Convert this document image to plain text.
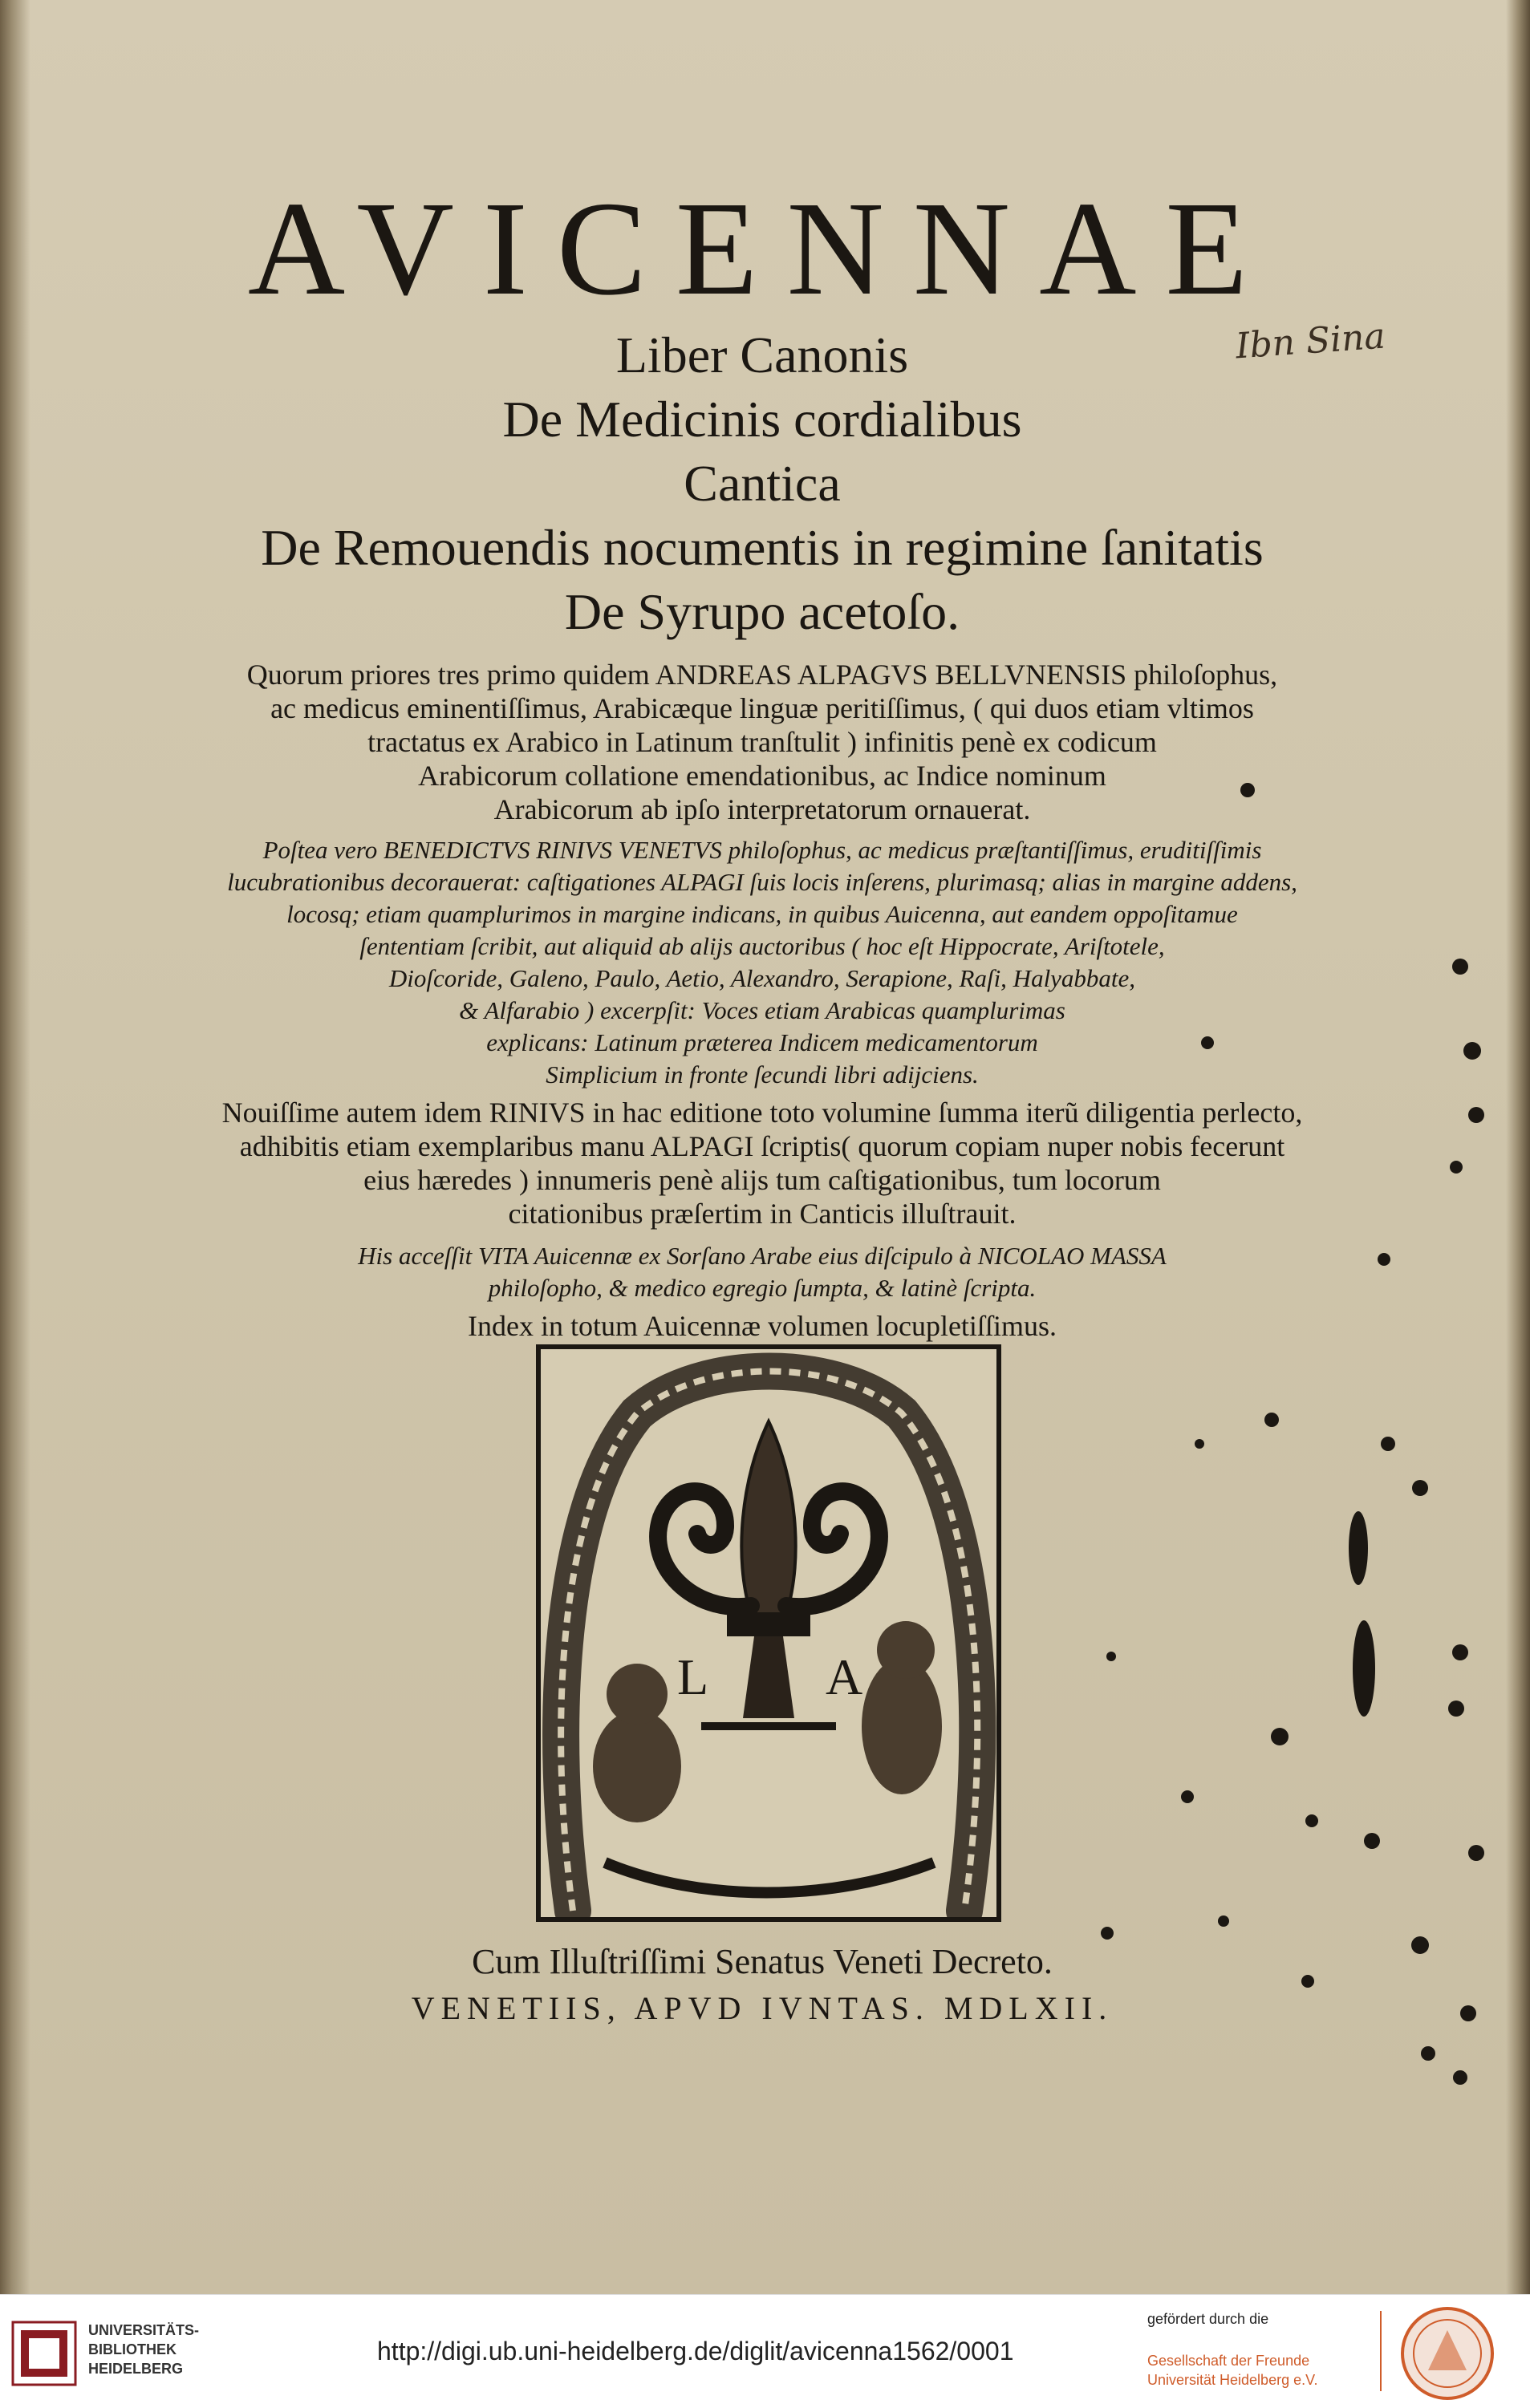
AVICENNAE
Liber Canonis
De Medicinis cordialibus
Cantica
De Remouendis nocumentis in regimine ſanitatis
De Syrupo acetoſo.
Quorum priores tres primo quidem ANDREAS ALPAGVS BELLVNENSIS philoſophus,
ac medicus eminentiſſimus, Arabicæque linguæ peritiſſimus, ( qui duos etiam vltimos
tractatus ex Arabico in Latinum tranſtulit ) infinitis penè ex codicum
Arabicorum collatione emendationibus, ac Indice nominum
Arabicorum ab ipſo interpretatorum ornauerat.
Poſtea vero BENEDICTVS RINIVS VENETVS philoſophus, ac medicus præſtantiſſimus, eruditiſſimis
lucubrationibus decorauerat: caſtigationes ALPAGI ſuis locis inſerens, plurimasq; alias in margine addens,
locosq; etiam quamplurimos in margine indicans, in quibus Auicenna, aut eandem oppoſitamue
ſententiam ſcribit, aut aliquid ab alijs auctoribus ( hoc eſt Hippocrate, Ariſtotele,
Dioſcoride, Galeno, Paulo, Aetio, Alexandro, Serapione, Raſi, Halyabbate,
& Alfarabio ) excerpſit: Voces etiam Arabicas quamplurimas
explicans: Latinum præterea Indicem medicamentorum
Simplicium in fronte ſecundi libri adijciens.
Nouiſſime autem idem RINIVS in hac editione toto volumine ſumma iterũ diligentia perlecto,
adhibitis etiam exemplaribus manu ALPAGI ſcriptis( quorum copiam nuper nobis fecerunt
eius hæredes ) innumeris penè alijs tum caſtigationibus, tum locorum
citationibus præſertim in Canticis illuſtrauit.
His acceſſit VITA Auicennæ ex Sorſano Arabe eius diſcipulo à NICOLAO MASSA
philoſopho, & medico egregio ſumpta, & latinè ſcripta.
Index in totum Auicennæ volumen locupletiſſimus.
L A
Cum Illuſtriſſimi Senatus Veneti Decreto.
VENETIIS, APVD IVNTAS. MDLXII.
Ibn Sina
UNIVERSITÄTS-
BIBLIOTHEK
HEIDELBERG
http://digi.ub.uni-heidelberg.de/diglit/avicenna1562/0001
gefördert durch die
Gesellschaft der Freunde
Universität Heidelberg e.V.
